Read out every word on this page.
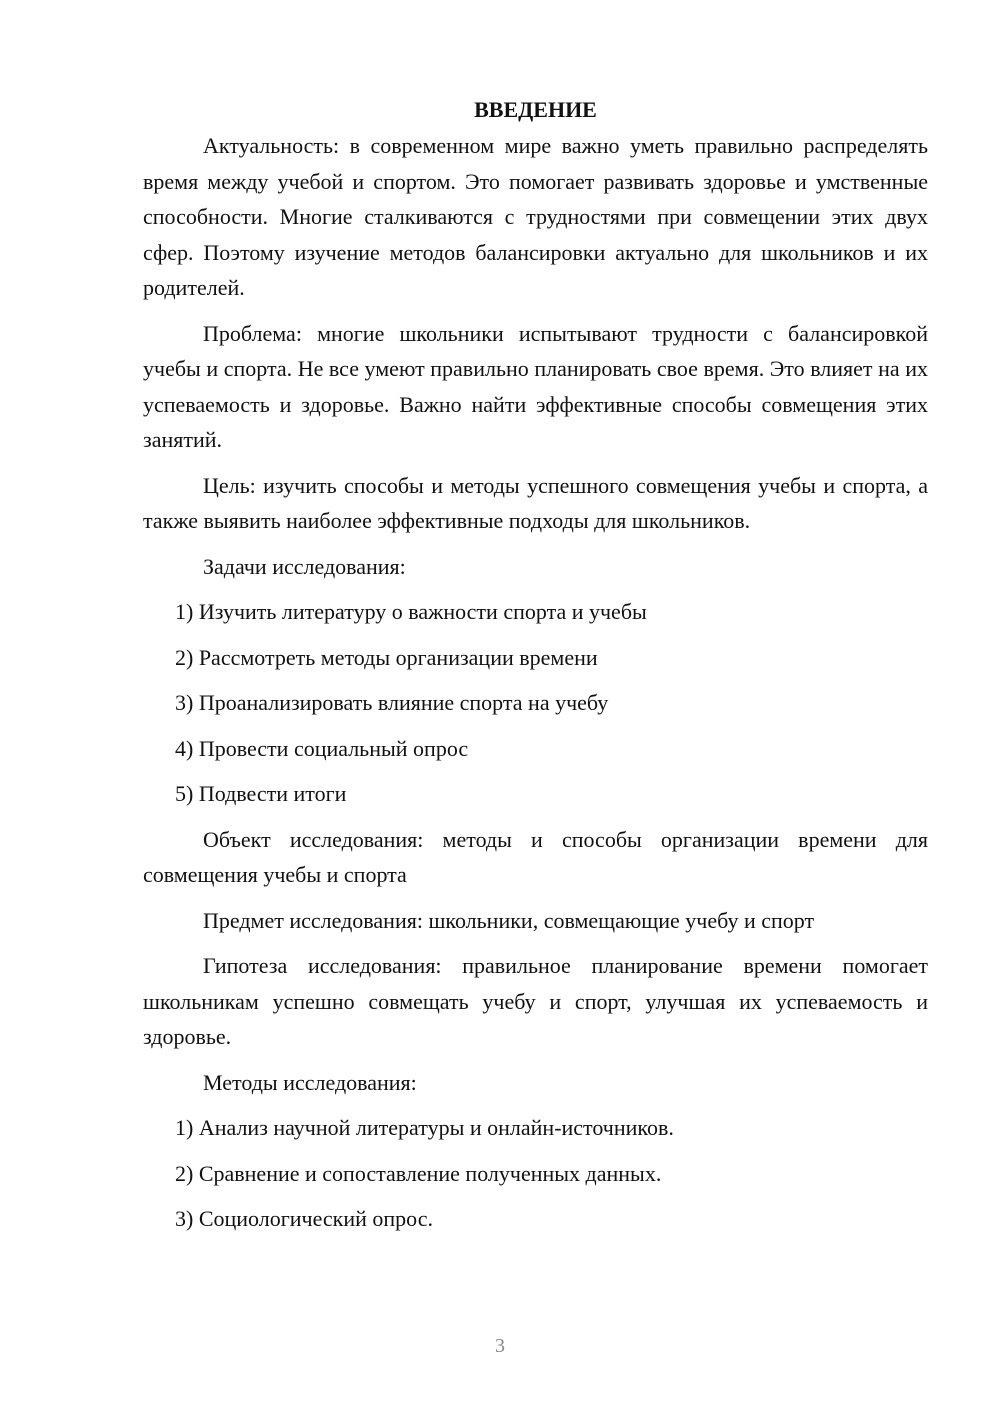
ВВЕДЕНИЕ

Актуальность: в современном мире важно уметь правильно распределять время между учебой и спортом. Это помогает развивать здоровье и умственные способности. Многие сталкиваются с трудностями при совмещении этих двух сфер. Поэтому изучение методов балансировки актуально для школьников и их родителей.

Проблема: многие школьники испытывают трудности с балансировкой учебы и спорта. Не все умеют правильно планировать свое время. Это влияет на их успеваемость и здоровье. Важно найти эффективные способы совмещения этих занятий.

Цель: изучить способы и методы успешного совмещения учебы и спорта, а также выявить наиболее эффективные подходы для школьников.

Задачи исследования:

1) Изучить литературу о важности спорта и учебы
2) Рассмотреть методы организации времени
3) Проанализировать влияние спорта на учебу
4) Провести социальный опрос
5) Подвести итоги

Объект исследования: методы и способы организации времени для совмещения учебы и спорта

Предмет исследования: школьники, совмещающие учебу и спорт

Гипотеза исследования: правильное планирование времени помогает школьникам успешно совмещать учебу и спорт, улучшая их успеваемость и здоровье.

Методы исследования:

1) Анализ научной литературы и онлайн-источников.
2) Сравнение и сопоставление полученных данных.
3) Социологический опрос.
3
